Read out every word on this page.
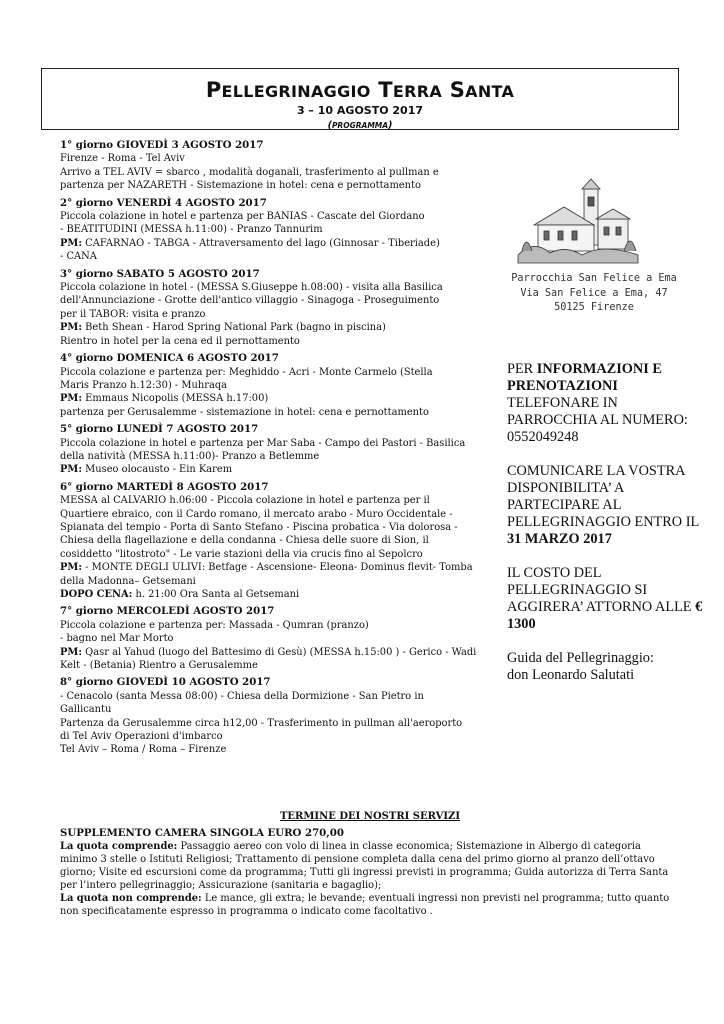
PELLEGRINAGGIO TERRA SANTA
3 – 10 AGOSTO 2017
(PROGRAMMA)
1° giorno GIOVEDÌ 3 AGOSTO 2017
Firenze - Roma - Tel Aviv
Arrivo a TEL AVIV = sbarco , modalità doganali, trasferimento al pullman e
partenza per NAZARETH - Sistemazione in hotel: cena e pernottamento
2° giorno VENERDÌ 4 AGOSTO 2017
Piccola colazione in hotel e partenza per BANIAS - Cascate del Giordano
- BEATITUDINI (MESSA h.11:00) - Pranzo Tannurim
PM: CAFARNAO - TABGA - Attraversamento del lago (Ginnosar - Tiberiade)
- CANA
3° giorno SABATO 5 AGOSTO 2017
Piccola colazione in hotel - (MESSA S.Giuseppe h.08:00) - visita alla Basilica
dell'Annunciazione - Grotte dell'antico villaggio - Sinagoga - Proseguimento
per il TABOR: visita e pranzo
PM: Beth Shean - Harod Spring National Park (bagno in piscina)
Rientro in hotel per la cena ed il pernottamento
4° giorno DOMENICA 6 AGOSTO 2017
Piccola colazione e partenza per: Meghiddo - Acri - Monte Carmelo (Stella
Maris Pranzo h.12:30) - Muhraqa
PM: Emmaus Nicopolis (MESSA h.17:00)
partenza per Gerusalemme - sistemazione in hotel: cena e pernottamento
5° giorno LUNEDÌ 7 AGOSTO 2017
Piccola colazione in hotel e partenza per Mar Saba - Campo dei Pastori - Basilica
della natività (MESSA h.11:00)- Pranzo a Betlemme
PM: Museo olocausto - Ein Karem
6° giorno MARTEDÌ 8 AGOSTO 2017
MESSA al CALVARIO h.06:00 - Piccola colazione in hotel e partenza per il
Quartiere ebraico, con il Cardo romano, il mercato arabo - Muro Occidentale -
Spianata del tempio - Porta di Santo Stefano - Piscina probatica - Via dolorosa -
Chiesa della flagellazione e della condanna - Chiesa delle suore di Sion, il
cosiddetto "litostroto" - Le varie stazioni della via crucis fino al Sepolcro
PM: - MONTE DEGLI ULIVI: Betfage - Ascensione- Eleona- Dominus flevit- Tomba
della Madonna– Getsemani
DOPO CENA: h. 21:00 Ora Santa al Getsemani
7° giorno MERCOLEDÌ AGOSTO 2017
Piccola colazione e partenza per: Massada - Qumran (pranzo)
- bagno nel Mar Morto
PM: Qasr al Yahud (luogo del Battesimo di Gesù) (MESSA h.15:00 ) - Gerico - Wadi
Kelt - (Betania) Rientro a Gerusalemme
8° giorno GIOVEDÌ 10 AGOSTO 2017
- Cenacolo (santa Messa 08:00) - Chiesa della Dormizione - San Pietro in
Gallicantu
Partenza da Gerusalemme circa h12,00 - Trasferimento in pullman all'aeroporto
di Tel Aviv Operazioni d'imbarco
Tel Aviv – Roma / Roma – Firenze
Parrocchia San Felice a Ema
Via San Felice a Ema, 47
50125 Firenze

PER INFORMAZIONI E PRENOTAZIONI TELEFONARE IN PARROCCHIA AL NUMERO: 0552049248

COMUNICARE LA VOSTRA DISPONIBILITA’ A PARTECIPARE AL PELLEGRINAGGIO ENTRO IL 31 MARZO 2017

IL COSTO DEL PELLEGRINAGGIO SI AGGIRERA’ ATTORNO ALLE € 1300

Guida del Pellegrinaggio:
don Leonardo Salutati

TERMINE DEI NOSTRI SERVIZI
SUPPLEMENTO CAMERA SINGOLA EURO 270,00
La quota comprende: Passaggio aereo con volo di linea in classe economica; Sistemazione in Albergo di categoria minimo 3 stelle o Istituti Religiosi; Trattamento di pensione completa dalla cena del primo giorno al pranzo dell’ottavo giorno; Visite ed escursioni come da programma; Tutti gli ingressi previsti in programma; Guida autorizza di Terra Santa per l’intero pellegrinaggio; Assicurazione (sanitaria e bagaglio);
La quota non comprende: Le mance, gli extra; le bevande; eventuali ingressi non previsti nel programma; tutto quanto non specificatamente espresso in programma o indicato come facoltativo .
